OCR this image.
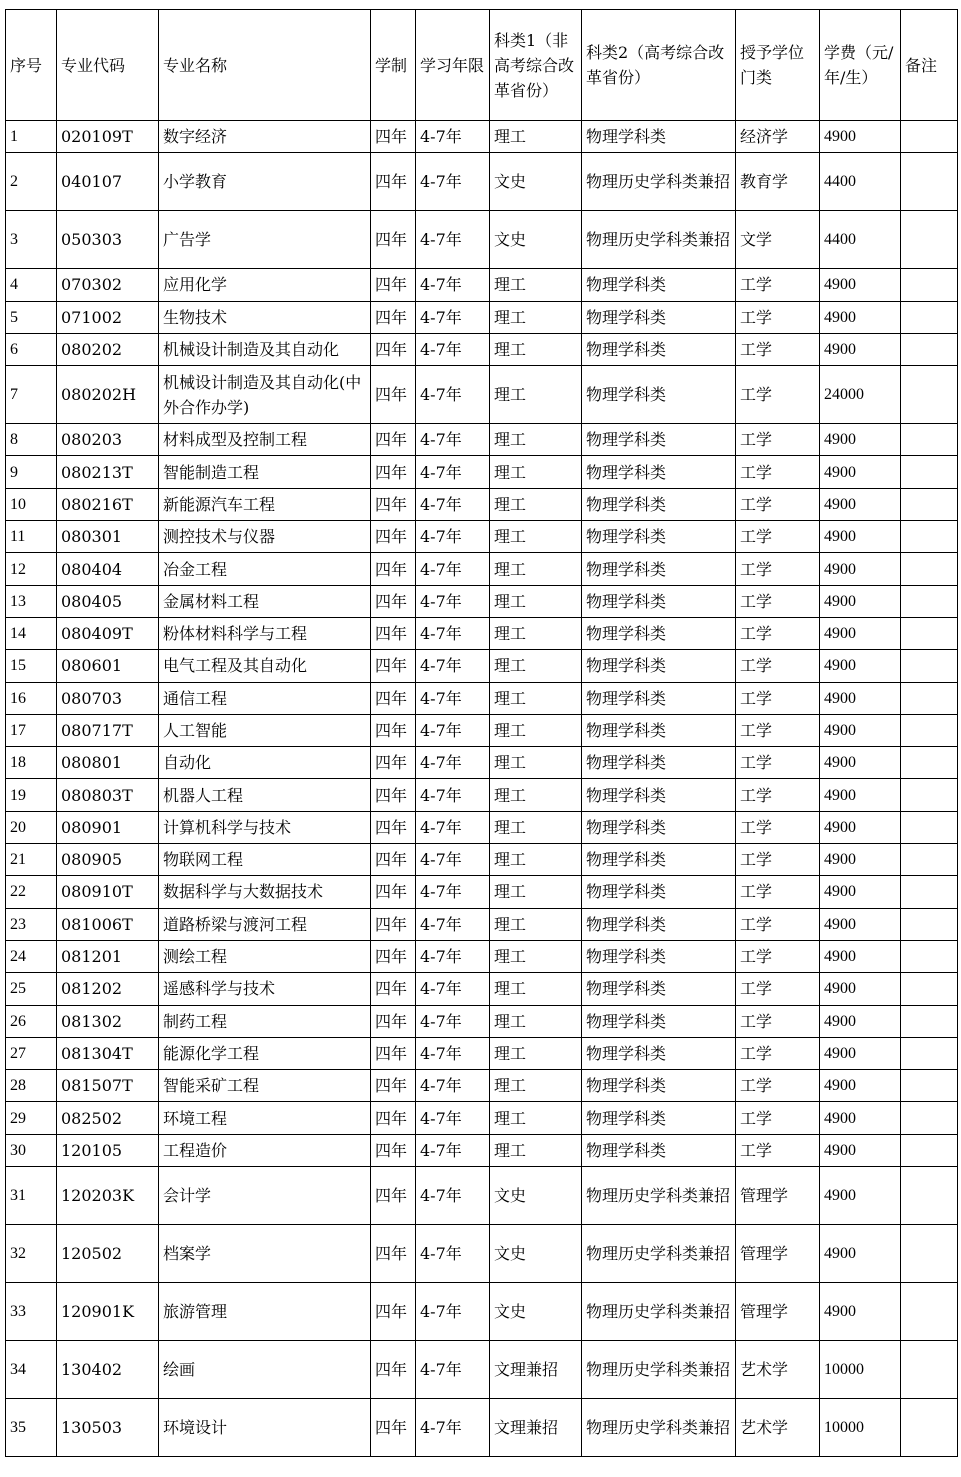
序号	专业代码	专业名称	学制	学习年限	科类1（非高考综合改革省份）	科类2（高考综合改革省份）	授予学位门类	学费（元/年/生）	备注
1	020109T	数字经济	四年	4-7年	理工	物理学科类	经济学	4900	
2	040107	小学教育	四年	4-7年	文史	物理历史学科类兼招	教育学	4400	
3	050303	广告学	四年	4-7年	文史	物理历史学科类兼招	文学	4400	
4	070302	应用化学	四年	4-7年	理工	物理学科类	工学	4900	
5	071002	生物技术	四年	4-7年	理工	物理学科类	工学	4900	
6	080202	机械设计制造及其自动化	四年	4-7年	理工	物理学科类	工学	4900	
7	080202H	机械设计制造及其自动化(中外合作办学)	四年	4-7年	理工	物理学科类	工学	24000	
8	080203	材料成型及控制工程	四年	4-7年	理工	物理学科类	工学	4900	
9	080213T	智能制造工程	四年	4-7年	理工	物理学科类	工学	4900	
10	080216T	新能源汽车工程	四年	4-7年	理工	物理学科类	工学	4900	
11	080301	测控技术与仪器	四年	4-7年	理工	物理学科类	工学	4900	
12	080404	冶金工程	四年	4-7年	理工	物理学科类	工学	4900	
13	080405	金属材料工程	四年	4-7年	理工	物理学科类	工学	4900	
14	080409T	粉体材料科学与工程	四年	4-7年	理工	物理学科类	工学	4900	
15	080601	电气工程及其自动化	四年	4-7年	理工	物理学科类	工学	4900	
16	080703	通信工程	四年	4-7年	理工	物理学科类	工学	4900	
17	080717T	人工智能	四年	4-7年	理工	物理学科类	工学	4900	
18	080801	自动化	四年	4-7年	理工	物理学科类	工学	4900	
19	080803T	机器人工程	四年	4-7年	理工	物理学科类	工学	4900	
20	080901	计算机科学与技术	四年	4-7年	理工	物理学科类	工学	4900	
21	080905	物联网工程	四年	4-7年	理工	物理学科类	工学	4900	
22	080910T	数据科学与大数据技术	四年	4-7年	理工	物理学科类	工学	4900	
23	081006T	道路桥梁与渡河工程	四年	4-7年	理工	物理学科类	工学	4900	
24	081201	测绘工程	四年	4-7年	理工	物理学科类	工学	4900	
25	081202	遥感科学与技术	四年	4-7年	理工	物理学科类	工学	4900	
26	081302	制药工程	四年	4-7年	理工	物理学科类	工学	4900	
27	081304T	能源化学工程	四年	4-7年	理工	物理学科类	工学	4900	
28	081507T	智能采矿工程	四年	4-7年	理工	物理学科类	工学	4900	
29	082502	环境工程	四年	4-7年	理工	物理学科类	工学	4900	
30	120105	工程造价	四年	4-7年	理工	物理学科类	工学	4900	
31	120203K	会计学	四年	4-7年	文史	物理历史学科类兼招	管理学	4900	
32	120502	档案学	四年	4-7年	文史	物理历史学科类兼招	管理学	4900	
33	120901K	旅游管理	四年	4-7年	文史	物理历史学科类兼招	管理学	4900	
34	130402	绘画	四年	4-7年	文理兼招	物理历史学科类兼招	艺术学	10000	
35	130503	环境设计	四年	4-7年	文理兼招	物理历史学科类兼招	艺术学	10000	
